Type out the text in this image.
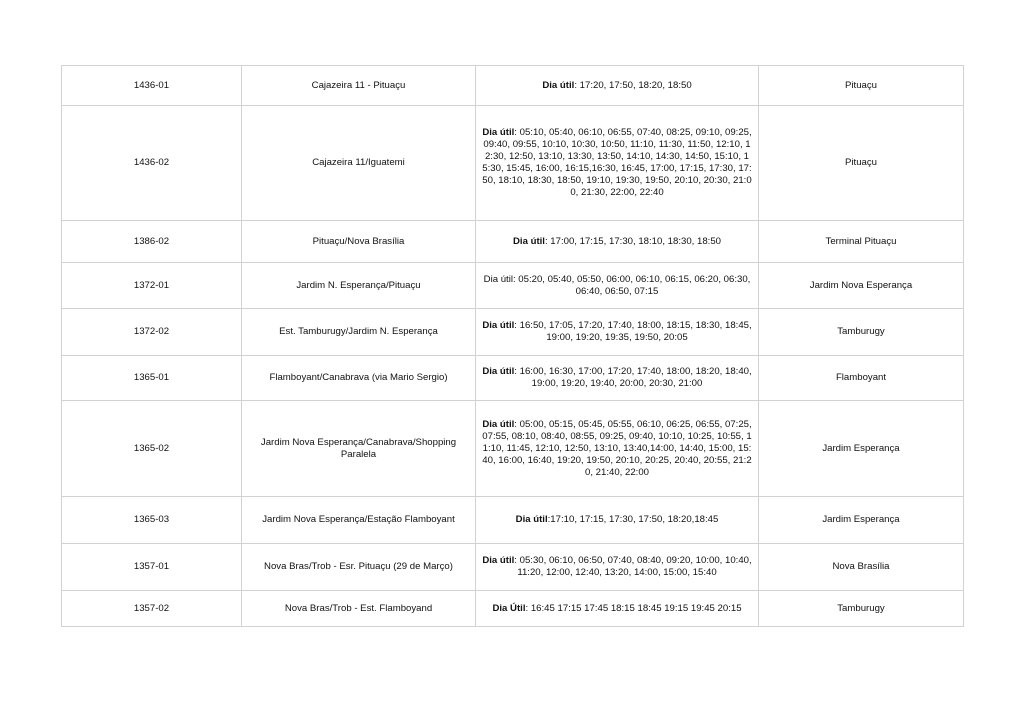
1436-01	Cajazeira 11 - Pituaçu	Dia útil: 17:20, 17:50, 18:20, 18:50	Pituaçu
1436-02	Cajazeira 11/Iguatemi	Dia útil: 05:10, 05:40, 06:10, 06:55, 07:40, 08:25, 09:10, 09:25, 09:40, 09:55, 10:10, 10:30, 10:50, 11:10, 11:30, 11:50, 12:10, 12:30, 12:50, 13:10, 13:30, 13:50, 14:10, 14:30, 14:50, 15:10, 15:30, 15:45, 16:00, 16:15,16:30, 16:45, 17:00, 17:15, 17:30, 17:50, 18:10, 18:30, 18:50, 19:10, 19:30, 19:50, 20:10, 20:30, 21:00, 21:30, 22:00, 22:40	Pituaçu
1386-02	Pituaçu/Nova Brasília	Dia útil: 17:00, 17:15, 17:30, 18:10, 18:30, 18:50	Terminal Pituaçu
1372-01	Jardim N. Esperança/Pituaçu	Dia útil: 05:20, 05:40, 05:50, 06:00, 06:10, 06:15, 06:20, 06:30, 06:40, 06:50, 07:15	Jardim Nova Esperança
1372-02	Est. Tamburugy/Jardim N. Esperança	Dia útil: 16:50, 17:05, 17:20, 17:40, 18:00, 18:15, 18:30, 18:45, 19:00, 19:20, 19:35, 19:50, 20:05	Tamburugy
1365-01	Flamboyant/Canabrava (via Mario Sergio)	Dia útil: 16:00, 16:30, 17:00, 17:20, 17:40, 18:00, 18:20, 18:40, 19:00, 19:20, 19:40, 20:00, 20:30, 21:00	Flamboyant
1365-02	Jardim Nova Esperança/Canabrava/Shopping Paralela	Dia útil: 05:00, 05:15, 05:45, 05:55, 06:10, 06:25, 06:55, 07:25, 07:55, 08:10, 08:40, 08:55, 09:25, 09:40, 10:10, 10:25, 10:55, 11:10, 11:45, 12:10, 12:50, 13:10, 13:40,14:00, 14:40, 15:00, 15:40, 16:00, 16:40, 19:20, 19:50, 20:10, 20:25, 20:40, 20:55, 21:20, 21:40, 22:00	Jardim Esperança
1365-03	Jardim Nova Esperança/Estação Flamboyant	Dia útil:17:10, 17:15, 17:30, 17:50, 18:20,18:45	Jardim Esperança
1357-01	Nova Bras/Trob - Esr. Pituaçu (29 de Março)	Dia útil: 05:30, 06:10, 06:50, 07:40, 08:40, 09:20, 10:00, 10:40, 11:20, 12:00, 12:40, 13:20, 14:00, 15:00, 15:40	Nova Brasília
1357-02	Nova Bras/Trob - Est. Flamboyand	Dia Útil: 16:45 17:15 17:45 18:15 18:45 19:15 19:45 20:15	Tamburugy
